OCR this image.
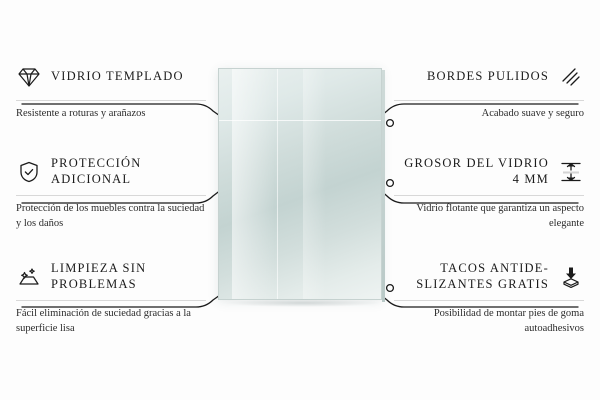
VIDRIO TEMPLADO
Resistente a roturas y arañazos
PROTECCIÓN ADICIONAL
Protección de los muebles contra la suciedad y los daños
LIMPIEZA SIN PROBLEMAS
Fácil eliminación de suciedad gracias a la superficie lisa
BORDES PULIDOS
Acabado suave y seguro
GROSOR DEL VIDRIO 4 MM
Vidrio flotante que garantiza un aspecto elegante
TACOS ANTIDE- SLIZANTES GRATIS
Posibilidad de montar pies de goma autoadhesivos
